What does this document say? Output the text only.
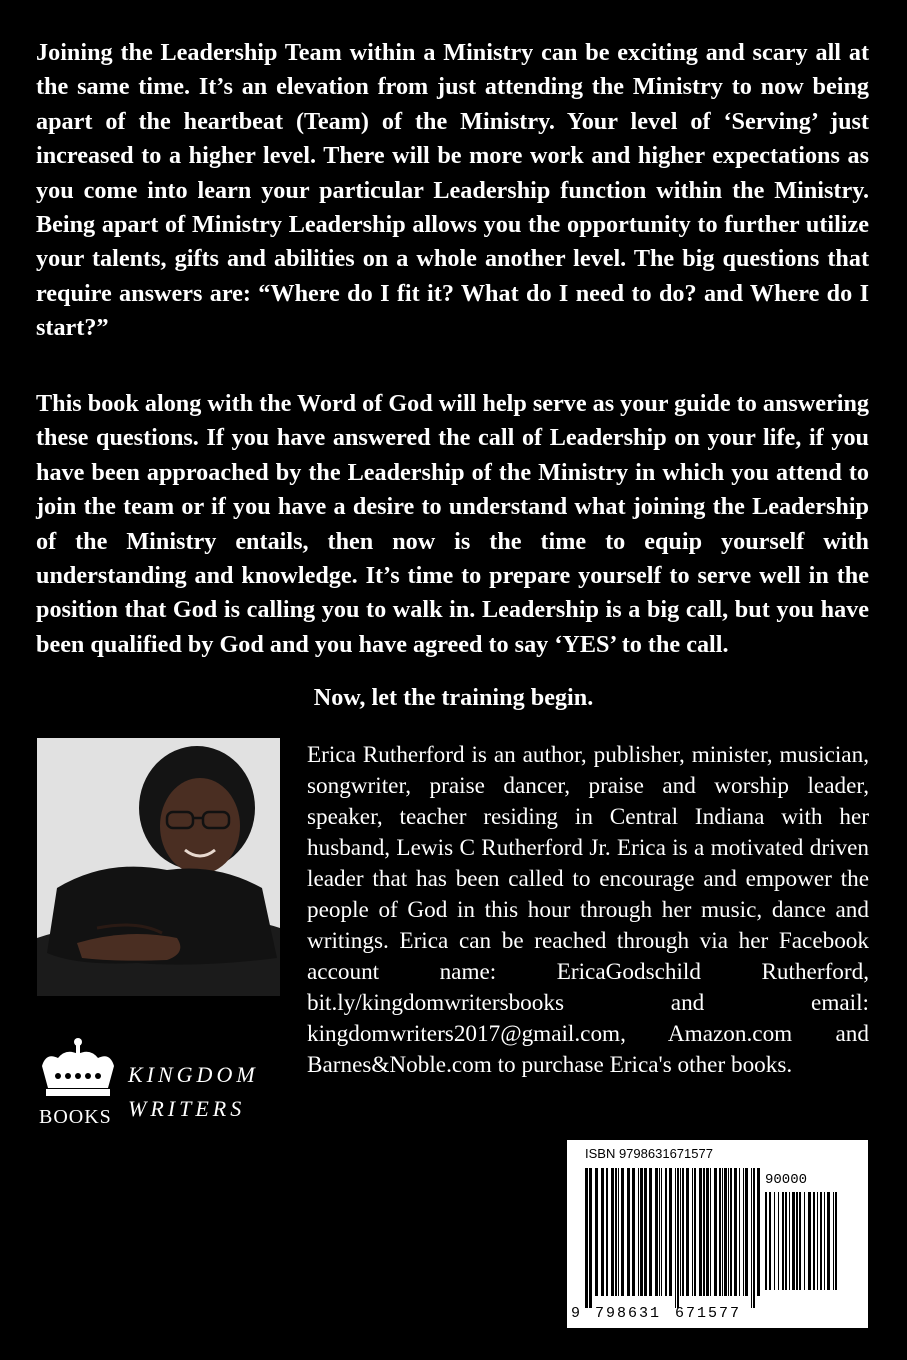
Joining the Leadership Team within a Ministry can be exciting and scary all at the same time. It’s an elevation from just attending the Ministry to now being apart of the heartbeat (Team) of the Ministry. Your level of ‘Serving’ just increased to a higher level. There will be more work and higher expectations as you come into learn your particular Leadership function within the Ministry. Being apart of Ministry Leadership allows you the opportunity to further utilize your talents, gifts and abilities on a whole another level. The big questions that require answers are: “Where do I fit it? What do I need to do? and Where do I start?”

This book along with the Word of God will help serve as your guide to answering these questions. If you have answered the call of Leadership on your life, if you have been approached by the Leadership of the Ministry in which you attend to join the team or if you have a desire to understand what joining the Leadership of the Ministry entails, then now is the time to equip yourself with understanding and knowledge. It’s time to prepare yourself to serve well in the position that God is calling you to walk in. Leadership is a big call, but you have been qualified by God and you have agreed to say ‘YES’ to the call.

Now, let the training begin.

Erica Rutherford is an author, publisher, minister, musician, songwriter, praise dancer, praise and worship leader, speaker, teacher residing in Central Indiana with her husband, Lewis C Rutherford Jr. Erica is a motivated driven leader that has been called to encourage and empower the people of God in this hour through her music, dance and writings. Erica can be reached through via her Facebook account name: EricaGodschild Rutherford, bit.ly/kingdomwritersbooks and email: kingdomwriters2017@gmail.com, Amazon.com and Barnes&Noble.com to purchase Erica's other books.

BOOKS
KINGDOM
WRITERS
ISBN 9798631671577
90000
9 798631 671577
